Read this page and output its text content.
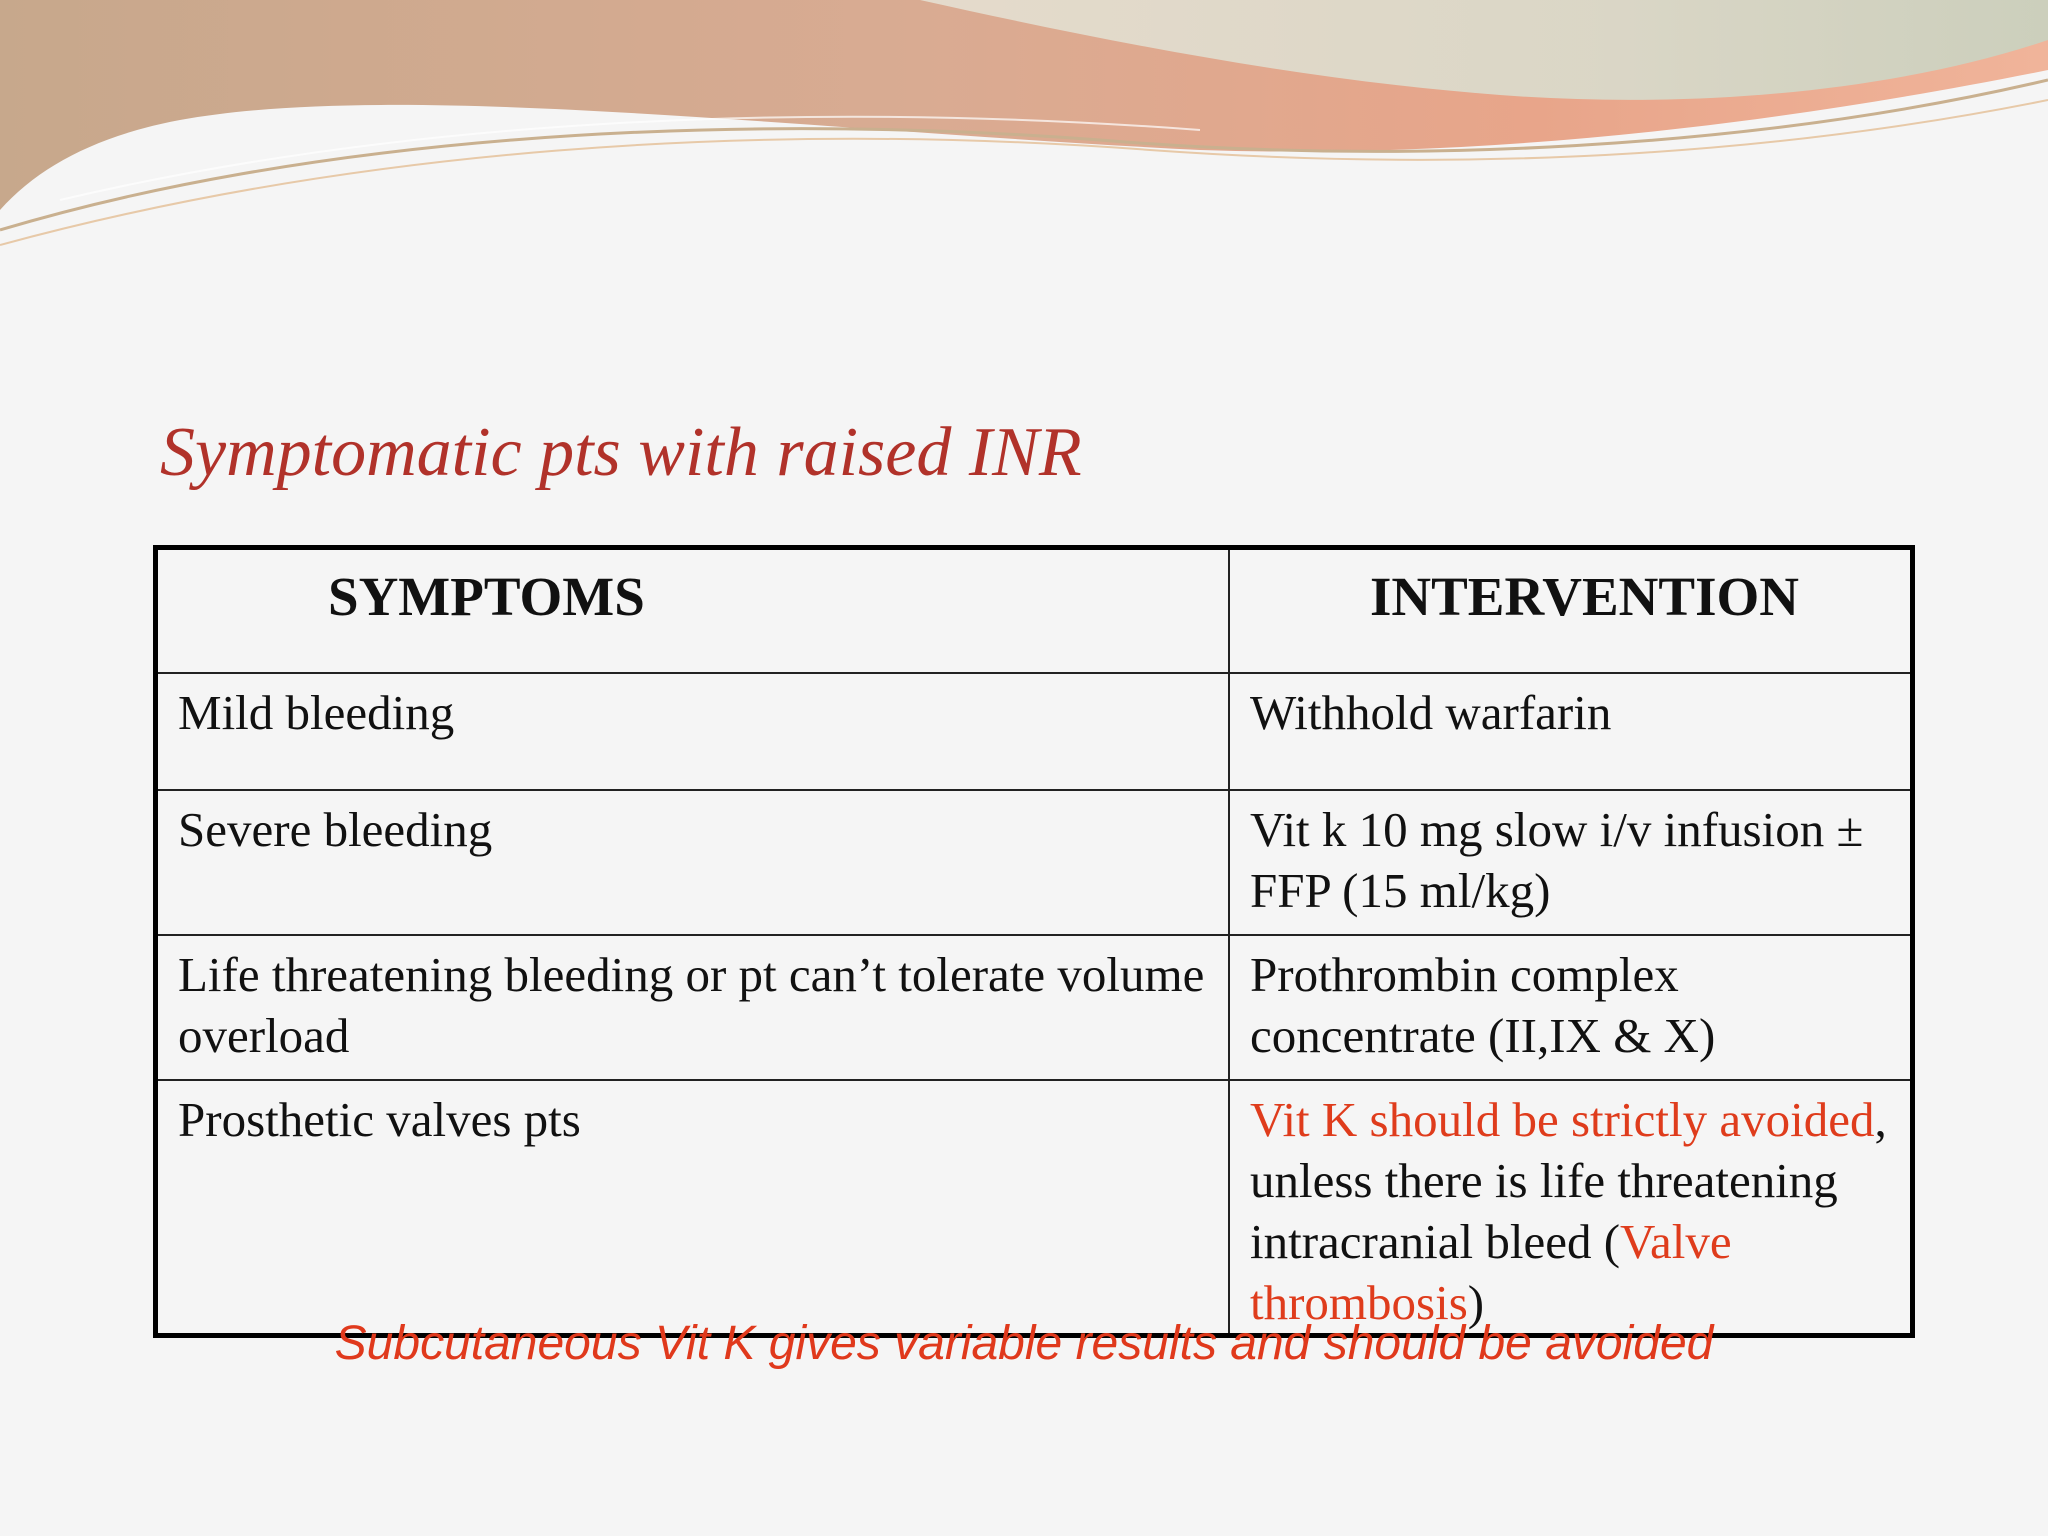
Symptomatic pts with raised INR
SYMPTOMS	INTERVENTION
Mild bleeding	Withhold warfarin
Severe bleeding	Vit k 10 mg slow i/v infusion ± FFP (15 ml/kg)
Life threatening bleeding or pt can’t tolerate volume overload	Prothrombin complex concentrate (II,IX & X)
Prosthetic valves pts	Vit K should be strictly avoided, unless there is life threatening intracranial bleed (Valve thrombosis)

Subcutaneous Vit K gives variable results and should be avoided
